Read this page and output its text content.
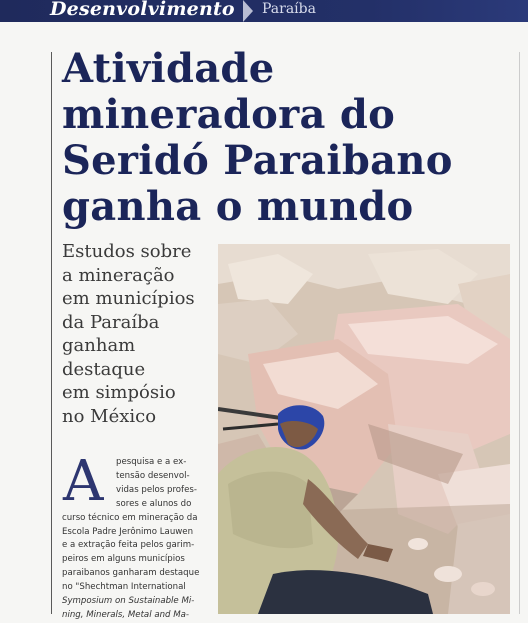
Desenvolvimento Paraíba
Atividade
mineradora do
Seridó Paraibano
ganha o mundo
Estudos sobre
a mineração
em municípios
da Paraíba
ganham
destaque
em simpósio
no México
A	pesquisa e a ex-
tensão desenvol-
vidas pelos profes-
sores e alunos do
curso técnico em mineração da
Escola Padre Jerônimo Lauwen
e a extração feita pelos garim-
peiros em alguns municípios
paraibanos ganharam destaque
no "Shechtman International
Symposium on Sustainable Mi-
ning, Minerals, Metal and Ma-
